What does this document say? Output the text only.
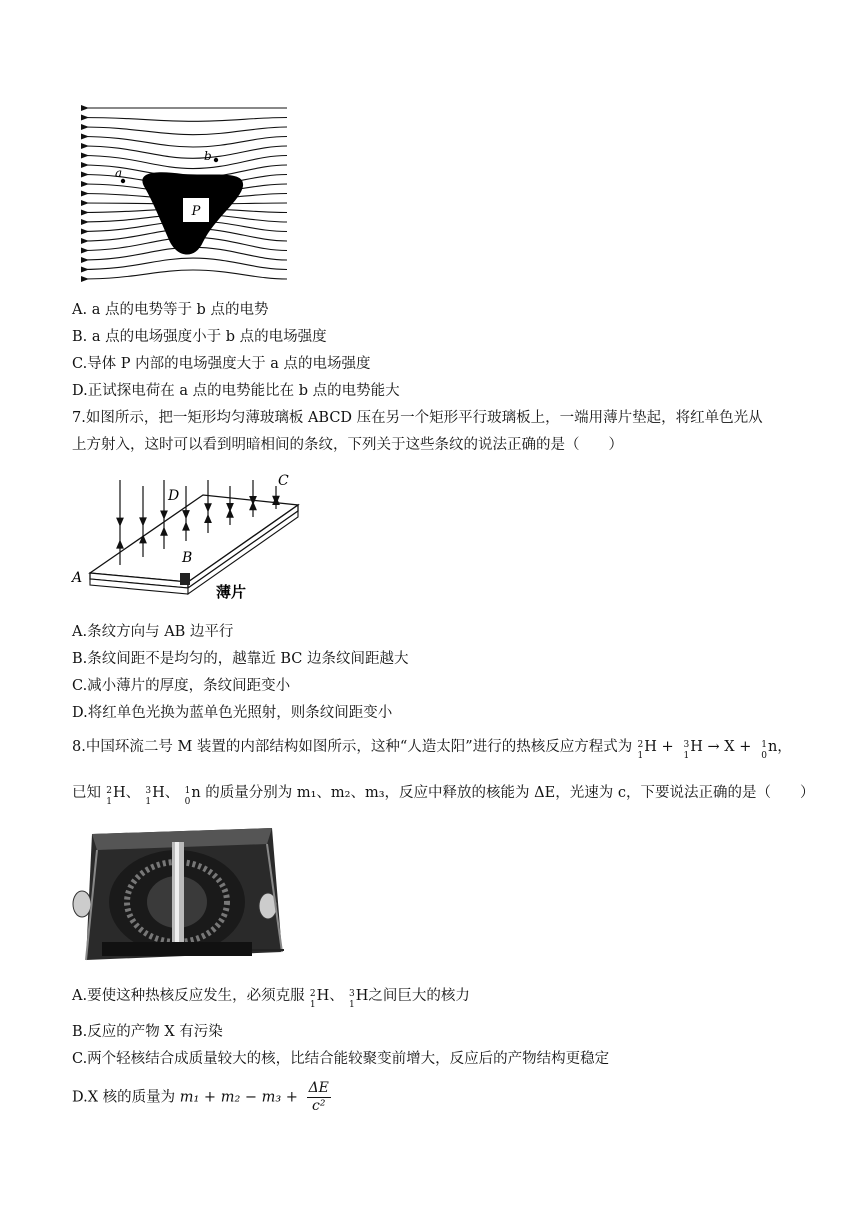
P
a
b
A. a 点的电势等于 b 点的电势
B. a 点的电场强度小于 b 点的电场强度
C.导体 P 内部的电场强度大于 a 点的电场强度
D.正试探电荷在 a 点的电势能比在 b 点的电势能大
7.如图所示，把一矩形均匀薄玻璃板 ABCD 压在另一个矩形平行玻璃板上，一端用薄片垫起，将红单色光从
上方射入，这时可以看到明暗相间的条纹，下列关于这些条纹的说法正确的是（　　）
A
B
C
D
薄片
A.条纹方向与 AB 边平行
B.条纹间距不是均匀的，越靠近 BC 边条纹间距越大
C.减小薄片的厚度，条纹间距变小
D.将红单色光换为蓝单色光照射，则条纹间距变小
8.中国环流二号 M 装置的内部结构如图所示，这种“人造太阳”进行的热核反应方程式为 2
1
H + 3
1
H → X + 1
0
n，
已知 2
1
H、 3
1
H、 1
0
n 的质量分别为 m₁、m₂、m₃，反应中释放的核能为 ΔE，光速为 c，下要说法正确的是（　　）
A.要使这种热核反应发生，必须克服 2
1
H、 3
1
H之间巨大的核力
B.反应的产物 X 有污染
C.两个轻核结合成质量较大的核，比结合能较聚变前增大，反应后的产物结构更稳定
D.X 核的质量为 $m_1 + m_2 - m_3 + \frac{\Delta E}{\text{c²}}$
